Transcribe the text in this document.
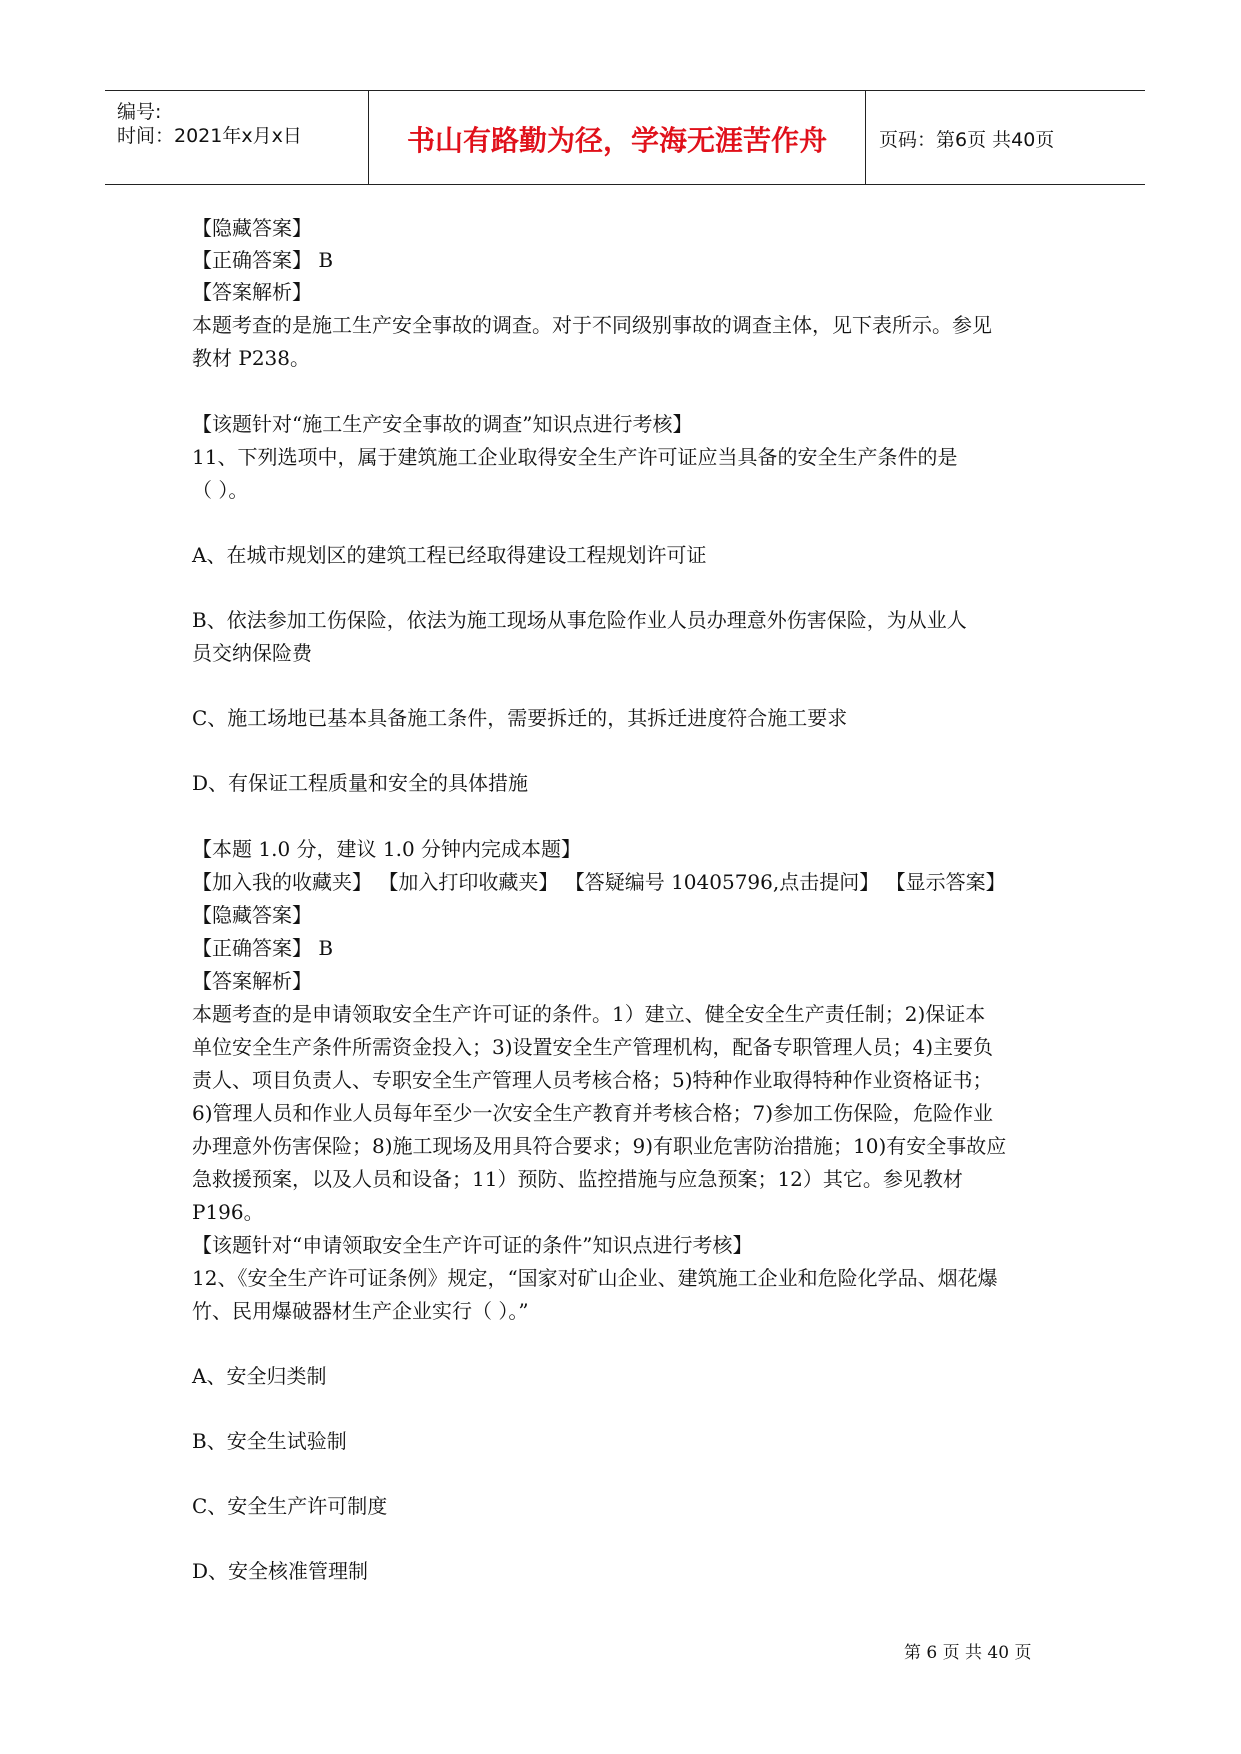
编号:
时间：2021年x月x日	书山有路勤为径，学海无涯苦作舟	页码：第6页 共40页
【隐藏答案】
【正确答案】 B
【答案解析】
本题考查的是施工生产安全事故的调查。对于不同级别事故的调查主体，见下表所示。参见
教材 P238。
【该题针对“施工生产安全事故的调查”知识点进行考核】
11、下列选项中，属于建筑施工企业取得安全生产许可证应当具备的安全生产条件的是
（ ）。
A、在城市规划区的建筑工程已经取得建设工程规划许可证
B、依法参加工伤保险，依法为施工现场从事危险作业人员办理意外伤害保险，为从业人
员交纳保险费
C、施工场地已基本具备施工条件，需要拆迁的，其拆迁进度符合施工要求
D、有保证工程质量和安全的具体措施
【本题 1.0 分，建议 1.0 分钟内完成本题】
【加入我的收藏夹】 【加入打印收藏夹】 【答疑编号 10405796,点击提问】 【显示答案】
【隐藏答案】
【正确答案】 B
【答案解析】
本题考查的是申请领取安全生产许可证的条件。1）建立、健全安全生产责任制；2)保证本
单位安全生产条件所需资金投入；3)设置安全生产管理机构，配备专职管理人员；4)主要负
责人、项目负责人、专职安全生产管理人员考核合格；5)特种作业取得特种作业资格证书；
6)管理人员和作业人员每年至少一次安全生产教育并考核合格；7)参加工伤保险，危险作业
办理意外伤害保险；8)施工现场及用具符合要求；9)有职业危害防治措施；10)有安全事故应
急救援预案，以及人员和设备；11）预防、监控措施与应急预案；12）其它。参见教材
P196。
【该题针对“申请领取安全生产许可证的条件”知识点进行考核】
12、《安全生产许可证条例》规定，“国家对矿山企业、建筑施工企业和危险化学品、烟花爆
竹、民用爆破器材生产企业实行（ ）。”
A、安全归类制
B、安全生试验制
C、安全生产许可制度
D、安全核准管理制
第 6 页 共 40 页
